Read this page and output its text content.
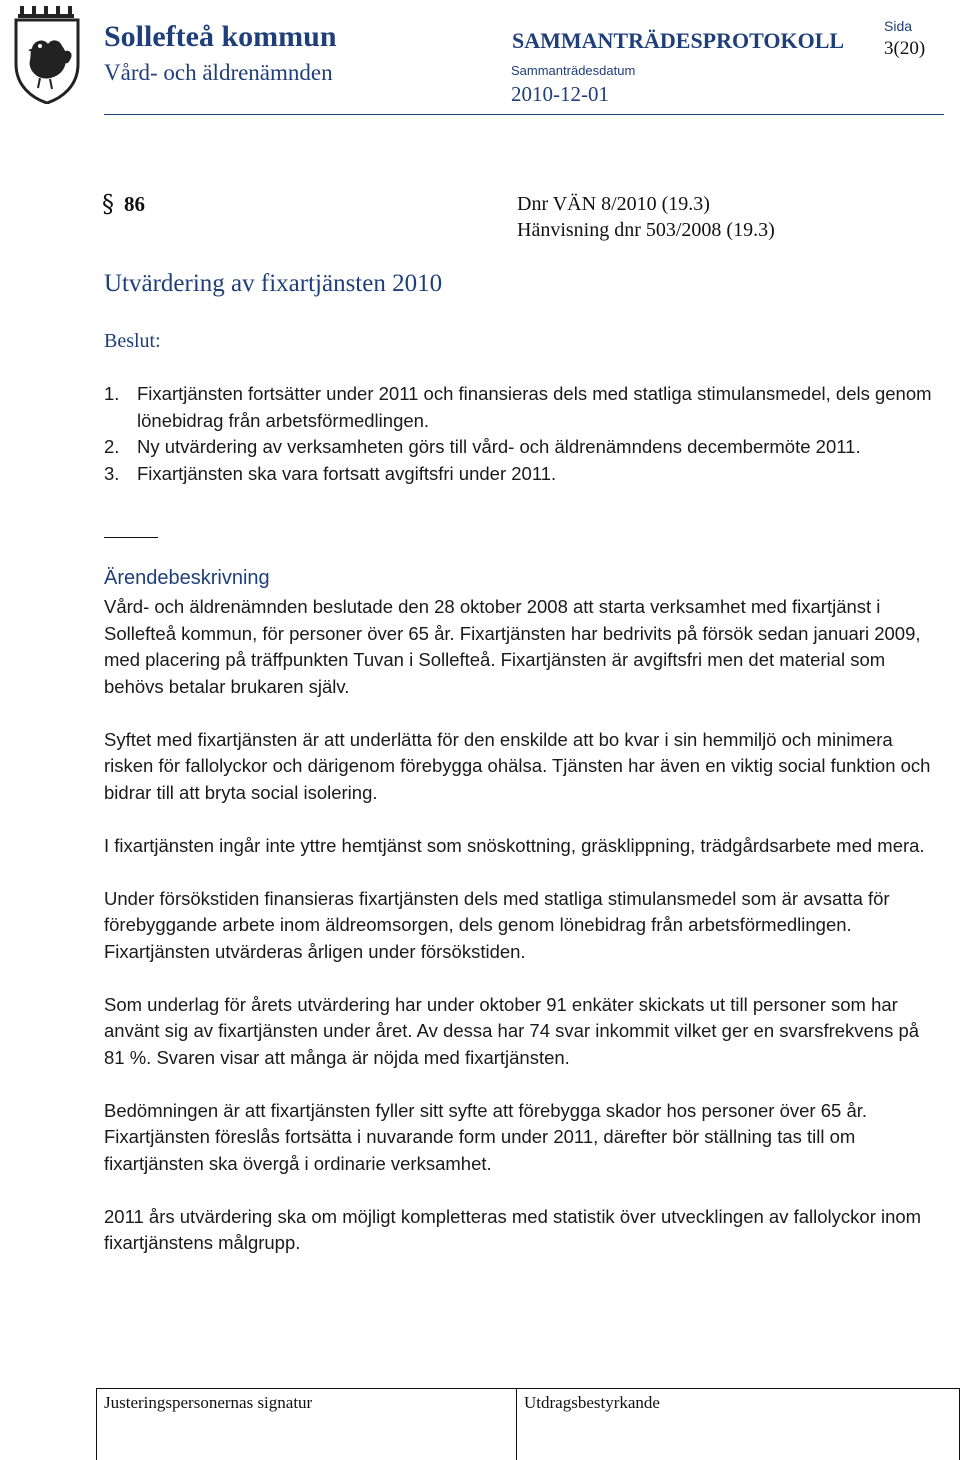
Sollefteå kommun
Vård- och äldrenämnden
SAMMANTRÄDESPROTOKOLL
Sammanträdesdatum
2010-12-01
Sida
3(20)
§ 86	Dnr VÄN 8/2010 (19.3)
Hänvisning dnr 503/2008 (19.3)
Utvärdering av fixartjänsten 2010
Beslut:
1. Fixartjänsten fortsätter under 2011 och finansieras dels med statliga stimulansmedel, dels genom lönebidrag från arbetsförmedlingen.
2. Ny utvärdering av verksamheten görs till vård- och äldrenämndens decembermöte 2011.
3. Fixartjänsten ska vara fortsatt avgiftsfri under 2011.
Ärendebeskrivning

Vård- och äldrenämnden beslutade den 28 oktober 2008 att starta verksamhet med fixartjänst i Sollefteå kommun, för personer över 65 år. Fixartjänsten har bedrivits på försök sedan januari 2009, med placering på träffpunkten Tuvan i Sollefteå. Fixartjänsten är avgiftsfri men det material som behövs betalar brukaren själv.

Syftet med fixartjänsten är att underlätta för den enskilde att bo kvar i sin hemmiljö och minimera risken för fallolyckor och därigenom förebygga ohälsa. Tjänsten har även en viktig social funktion och bidrar till att bryta social isolering.

I fixartjänsten ingår inte yttre hemtjänst som snöskottning, gräsklippning, trädgårdsarbete med mera.

Under försökstiden finansieras fixartjänsten dels med statliga stimulansmedel som är avsatta för förebyggande arbete inom äldreomsorgen, dels genom lönebidrag från arbetsförmedlingen. Fixartjänsten utvärderas årligen under försökstiden.

Som underlag för årets utvärdering har under oktober 91 enkäter skickats ut till personer som har använt sig av fixartjänsten under året. Av dessa har 74 svar inkommit vilket ger en svarsfrekvens på 81 %. Svaren visar att många är nöjda med fixartjänsten.

Bedömningen är att fixartjänsten fyller sitt syfte att förebygga skador hos personer över 65 år. Fixartjänsten föreslås fortsätta i nuvarande form under 2011, därefter bör ställning tas till om fixartjänsten ska övergå i ordinarie verksamhet.

2011 års utvärdering ska om möjligt kompletteras med statistik över utvecklingen av fallolyckor inom fixartjänstens målgrupp.

Justeringspersonernas signatur	Utdragsbestyrkande
